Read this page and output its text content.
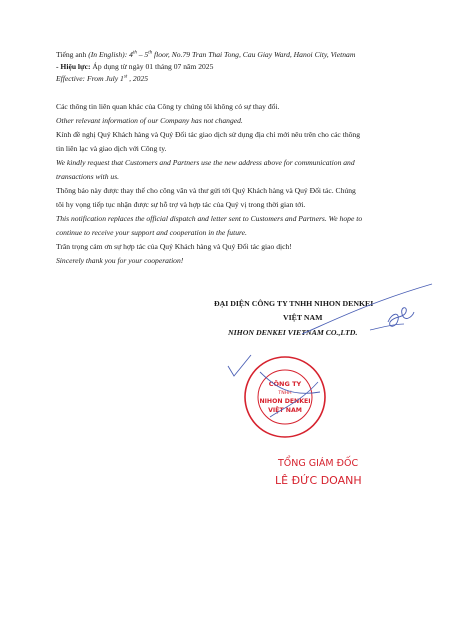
Tiếng anh (In English): 4th – 5th floor, No.79 Tran Thai Tong, Cau Giay Ward, Hanoi City, Vietnam
- Hiệu lực: Áp dụng từ ngày 01 tháng 07 năm 2025
Effective: From July 1st , 2025
Các thông tin liên quan khác của Công ty chúng tôi không có sự thay đổi.
Other relevant information of our Company has not changed.
Kính đề nghị Quý Khách hàng và Quý Đối tác giao dịch sử dụng địa chỉ mới nêu trên cho các thông
tin liên lạc và giao dịch với Công ty.
We kindly request that Customers and Partners use the new address above for communication and
transactions with us.
Thông báo này được thay thế cho công văn và thư gửi tới Quý Khách hàng và Quý Đối tác. Chúng
tôi hy vọng tiếp tục nhận được sự hỗ trợ và hợp tác của Quý vị trong thời gian tới.
This notification replaces the official dispatch and letter sent to Customers and Partners. We hope to
continue to receive your support and cooperation in the future.
Trân trọng cảm ơn sự hợp tác của Quý Khách hàng và Quý Đối tác giao dịch!
Sincerely thank you for your cooperation!
ĐẠI DIỆN CÔNG TY TNHH NIHON DENKEI
VIỆT NAM
NIHON DENKEI VIETNAM CO.,LTD.
CÔNG TY
TNHH
NIHON DENKEI
VIỆT NAM
TỔNG GIÁM ĐỐC
LÊ ĐỨC DOANH
